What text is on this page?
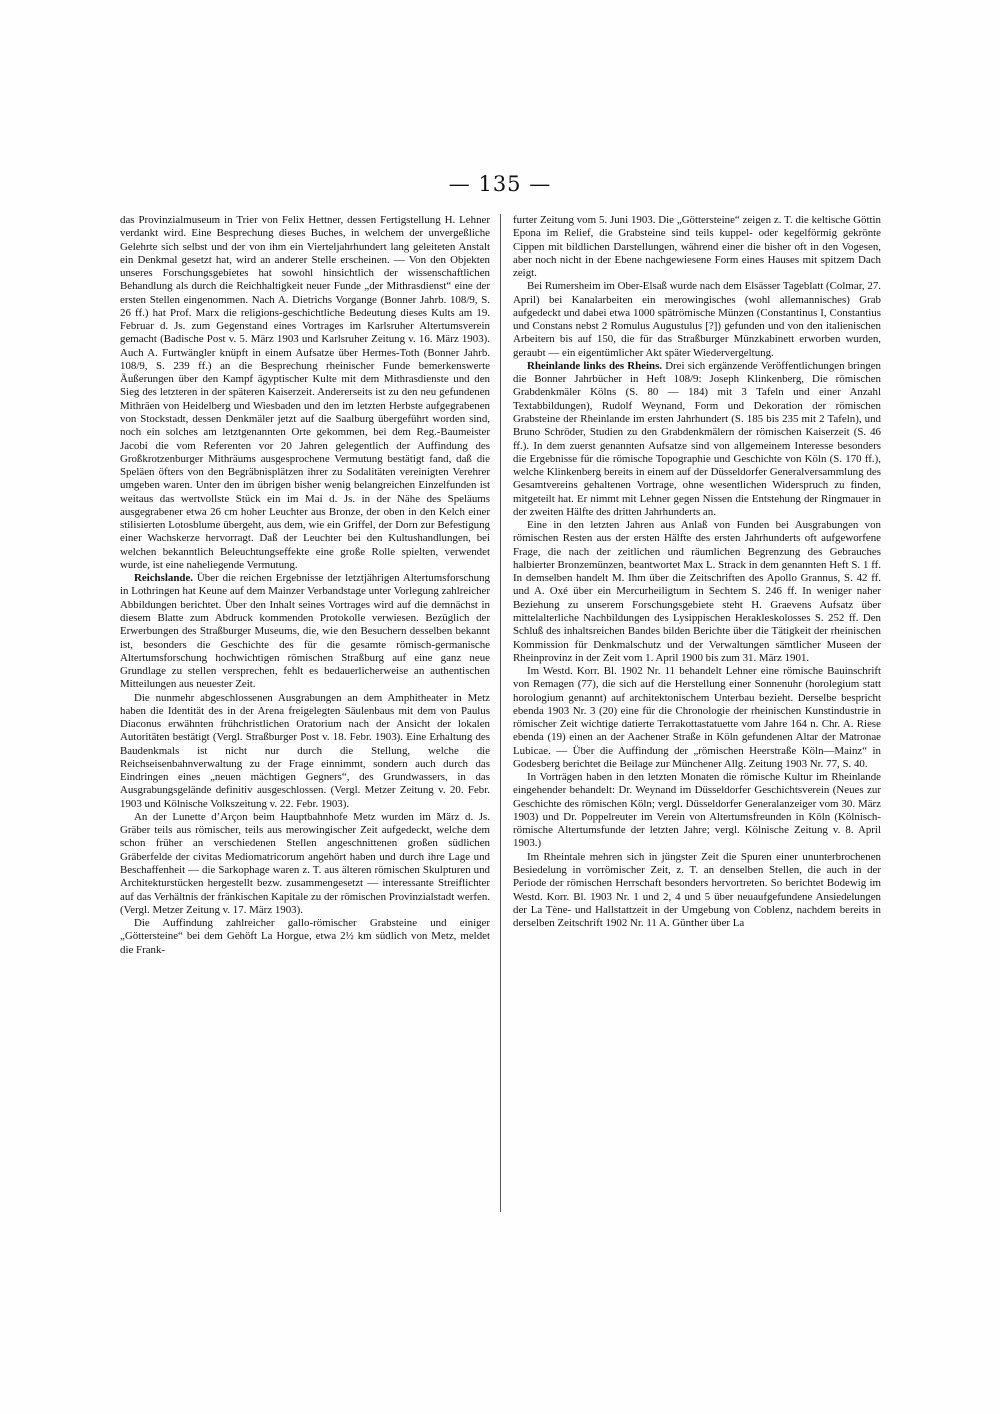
— 135 —

das Provinzialmuseum in Trier von Felix Hettner, dessen Fertigstellung H. Lehner verdankt wird. Eine Besprechung dieses Buches, in welchem der unvergeßliche Gelehrte sich selbst und der von ihm ein Vierteljahrhundert lang geleiteten Anstalt ein Denkmal gesetzt hat, wird an anderer Stelle erscheinen. — Von den Objekten unseres Forschungsgebietes hat sowohl hinsichtlich der wissenschaftlichen Behandlung als durch die Reichhaltigkeit neuer Funde „der Mithrasdienst“ eine der ersten Stellen eingenommen. Nach A. Dietrichs Vorgange (Bonner Jahrb. 108/9, S. 26 ff.) hat Prof. Marx die religions-geschichtliche Bedeutung dieses Kults am 19. Februar d. Js. zum Gegenstand eines Vortrages im Karlsruher Altertumsverein gemacht (Badische Post v. 5. März 1903 und Karlsruher Zeitung v. 16. März 1903). Auch A. Furtwängler knüpft in einem Aufsatze über Hermes-Toth (Bonner Jahrb. 108/9, S. 239 ff.) an die Besprechung rheinischer Funde bemerkenswerte Äußerungen über den Kampf ägyptischer Kulte mit dem Mithrasdienste und den Sieg des letzteren in der späteren Kaiserzeit. Andererseits ist zu den neu gefundenen Mithräen von Heidelberg und Wiesbaden und den im letzten Herbste aufgegrabenen von Stockstadt, dessen Denkmäler jetzt auf die Saalburg übergeführt worden sind, noch ein solches am letztgenannten Orte gekommen, bei dem Reg.-Baumeister Jacobi die vom Referenten vor 20 Jahren gelegentlich der Auffindung des Großkrotzenburger Mithräums ausgesprochene Vermutung bestätigt fand, daß die Speläen öfters von den Begräbnisplätzen ihrer zu Sodalitäten vereinigten Verehrer umgeben waren. Unter den im übrigen bisher wenig belangreichen Einzelfunden ist weitaus das wertvollste Stück ein im Mai d. Js. in der Nähe des Speläums ausgegrabener etwa 26 cm hoher Leuchter aus Bronze, der oben in den Kelch einer stilisierten Lotosblume übergeht, aus dem, wie ein Griffel, der Dorn zur Befestigung einer Wachskerze hervorragt. Daß der Leuchter bei den Kultushandlungen, bei welchen bekanntlich Beleuchtungseffekte eine große Rolle spielten, verwendet wurde, ist eine naheliegende Vermutung.

Reichslande. Über die reichen Ergebnisse der letztjährigen Altertumsforschung in Lothringen hat Keune auf dem Mainzer Verbandstage unter Vorlegung zahlreicher Abbildungen berichtet. Über den Inhalt seines Vortrages wird auf die demnächst in diesem Blatte zum Abdruck kommenden Protokolle verwiesen. Bezüglich der Erwerbungen des Straßburger Museums, die, wie den Besuchern desselben bekannt ist, besonders die Geschichte des für die gesamte römisch-germanische Altertumsforschung hochwichtigen römischen Straßburg auf eine ganz neue Grundlage zu stellen versprechen, fehlt es bedauerlicherweise an authentischen Mitteilungen aus neuester Zeit.

Die nunmehr abgeschlossenen Ausgrabungen an dem Amphitheater in Metz haben die Identität des in der Arena freigelegten Säulenbaus mit dem von Paulus Diaconus erwähnten frühchristlichen Oratorium nach der Ansicht der lokalen Autoritäten bestätigt (Vergl. Straßburger Post v. 18. Febr. 1903). Eine Erhaltung des Baudenkmals ist nicht nur durch die Stellung, welche die Reichseisenbahnverwaltung zu der Frage einnimmt, sondern auch durch das Eindringen eines „neuen mächtigen Gegners“, des Grundwassers, in das Ausgrabungsgelände definitiv ausgeschlossen. (Vergl. Metzer Zeitung v. 20. Febr. 1903 und Kölnische Volkszeitung v. 22. Febr. 1903).

An der Lunette d’Arçon beim Hauptbahnhofe Metz wurden im März d. Js. Gräber teils aus römischer, teils aus merowingischer Zeit aufgedeckt, welche dem schon früher an verschiedenen Stellen angeschnittenen großen südlichen Gräberfelde der civitas Mediomatricorum angehört haben und durch ihre Lage und Beschaffenheit — die Sarkophage waren z. T. aus älteren römischen Skulpturen und Architekturstücken hergestellt bezw. zusammengesetzt — interessante Streiflichter auf das Verhältnis der fränkischen Kapitale zu der römischen Provinzialstadt werfen. (Vergl. Metzer Zeitung v. 17. März 1903).

Die Auffindung zahlreicher gallo-römischer Grabsteine und einiger „Göttersteine“ bei dem Gehöft La Horgue, etwa 2½ km südlich von Metz, meldet die Frank-

furter Zeitung vom 5. Juni 1903. Die „Göttersteine“ zeigen z. T. die keltische Göttin Epona im Relief, die Grabsteine sind teils kuppel- oder kegelförmig gekrönte Cippen mit bildlichen Darstellungen, während einer die bisher oft in den Vogesen, aber noch nicht in der Ebene nachgewiesene Form eines Hauses mit spitzem Dach zeigt.

Bei Rumersheim im Ober-Elsaß wurde nach dem Elsässer Tageblatt (Colmar, 27. April) bei Kanalarbeiten ein merowingisches (wohl allemannisches) Grab aufgedeckt und dabei etwa 1000 spätrömische Münzen (Constantinus I, Constantius und Constans nebst 2 Romulus Augustulus [?]) gefunden und von den italienischen Arbeitern bis auf 150, die für das Straßburger Münzkabinett erworben wurden, geraubt — ein eigentümlicher Akt später Wiedervergeltung.

Rheinlande links des Rheins. Drei sich ergänzende Veröffentlichungen bringen die Bonner Jahrbücher in Heft 108/9: Joseph Klinkenberg, Die römischen Grabdenkmäler Kölns (S. 80 — 184) mit 3 Tafeln und einer Anzahl Textabbildungen), Rudolf Weynand, Form und Dekoration der römischen Grabsteine der Rheinlande im ersten Jahrhundert (S. 185 bis 235 mit 2 Tafeln), und Bruno Schröder, Studien zu den Grabdenkmälern der römischen Kaiserzeit (S. 46 ff.). In dem zuerst genannten Aufsatze sind von allgemeinem Interesse besonders die Ergebnisse für die römische Topographie und Geschichte von Köln (S. 170 ff.), welche Klinkenberg bereits in einem auf der Düsseldorfer Generalversammlung des Gesamtvereins gehaltenen Vortrage, ohne wesentlichen Widerspruch zu finden, mitgeteilt hat. Er nimmt mit Lehner gegen Nissen die Entstehung der Ringmauer in der zweiten Hälfte des dritten Jahrhunderts an.

Eine in den letzten Jahren aus Anlaß von Funden bei Ausgrabungen von römischen Resten aus der ersten Hälfte des ersten Jahrhunderts oft aufgeworfene Frage, die nach der zeitlichen und räumlichen Begrenzung des Gebrauches halbierter Bronzemünzen, beantwortet Max L. Strack in dem genannten Heft S. 1 ff. In demselben handelt M. Ihm über die Zeitschriften des Apollo Grannus, S. 42 ff. und A. Oxé über ein Mercurheiligtum in Sechtem S. 246 ff. In weniger naher Beziehung zu unserem Forschungsgebiete steht H. Graevens Aufsatz über mittelalterliche Nachbildungen des Lysippischen Herakleskolosses S. 252 ff. Den Schluß des inhaltsreichen Bandes bilden Berichte über die Tätigkeit der rheinischen Kommission für Denkmalschutz und der Verwaltungen sämtlicher Museen der Rheinprovinz in der Zeit vom 1. April 1900 bis zum 31. März 1901.

Im Westd. Korr. Bl. 1902 Nr. 11 behandelt Lehner eine römische Bauinschrift von Remagen (77), die sich auf die Herstellung einer Sonnenuhr (horolegium statt horologium genannt) auf architektonischem Unterbau bezieht. Derselbe bespricht ebenda 1903 Nr. 3 (20) eine für die Chronologie der rheinischen Kunstindustrie in römischer Zeit wichtige datierte Terrakottastatuette vom Jahre 164 n. Chr. A. Riese ebenda (19) einen an der Aachener Straße in Köln gefundenen Altar der Matronae Lubicae. — Über die Auffindung der „römischen Heerstraße Köln—Mainz“ in Godesberg berichtet die Beilage zur Münchener Allg. Zeitung 1903 Nr. 77, S. 40.

In Vorträgen haben in den letzten Monaten die römische Kultur im Rheinlande eingehender behandelt: Dr. Weynand im Düsseldorfer Geschichtsverein (Neues zur Geschichte des römischen Köln; vergl. Düsseldorfer Generalanzeiger vom 30. März 1903) und Dr. Poppelreuter im Verein von Altertumsfreunden in Köln (Kölnisch-römische Altertumsfunde der letzten Jahre; vergl. Kölnische Zeitung v. 8. April 1903.)

Im Rheintale mehren sich in jüngster Zeit die Spuren einer ununterbrochenen Besiedelung in vorrömischer Zeit, z. T. an denselben Stellen, die auch in der Periode der römischen Herrschaft besonders hervortreten. So berichtet Bodewig im Westd. Korr. Bl. 1903 Nr. 1 und 2, 4 und 5 über neuaufgefundene Ansiedelungen der La Tène- und Hallstattzeit in der Umgebung von Coblenz, nachdem bereits in derselben Zeitschrift 1902 Nr. 11 A. Günther über La
